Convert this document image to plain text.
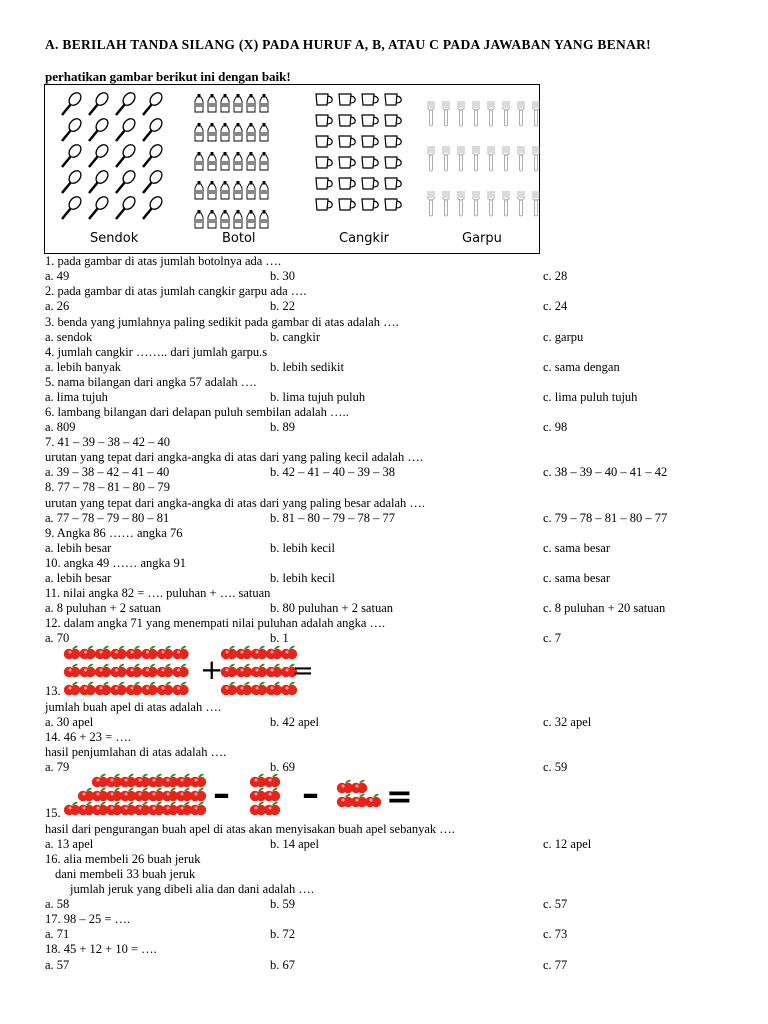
A. BERILAH TANDA SILANG (X) PADA HURUF A, B, ATAU C PADA JAWABAN YANG BENAR!
perhatikan gambar berikut ini dengan baik!
Sendok	Botol	Cangkir	Garpu
1. pada gambar di atas jumlah botolnya ada ….
a. 49	b. 30	c. 28
2. pada gambar di atas jumlah cangkir garpu ada ….
a. 26	b. 22	c. 24
3. benda yang jumlahnya paling sedikit pada gambar di atas adalah ….
a. sendok	b. cangkir	c. garpu
4. jumlah cangkir …….. dari jumlah garpu.s
a. lebih banyak	b. lebih sedikit	c. sama dengan
5. nama bilangan dari angka 57 adalah ….
a. lima tujuh	b. lima tujuh puluh	c. lima puluh tujuh
6. lambang bilangan dari delapan puluh sembilan adalah …..
a. 809	b. 89	c. 98
7. 41 – 39 – 38 – 42 – 40
urutan yang tepat dari angka-angka di atas dari yang paling kecil adalah ….
a. 39 – 38 – 42 – 41 – 40	b. 42 – 41 – 40 – 39 – 38	c. 38 – 39 – 40 – 41 – 42
8. 77 – 78 – 81 – 80 – 79
urutan yang tepat dari angka-angka di atas dari yang paling besar adalah ….
a. 77 – 78 – 79 – 80 – 81	b. 81 – 80 – 79 – 78 – 77	c. 79 – 78 – 81 – 80 – 77
9. Angka 86 …… angka 76
a. lebih besar	b. lebih kecil	c. sama besar
10. angka 49 …… angka 91
a. lebih besar	b. lebih kecil	c. sama besar
11. nilai angka 82 = …. puluhan + …. satuan
a. 8 puluhan + 2 satuan	b. 80 puluhan + 2 satuan	c. 8 puluhan + 20 satuan
12. dalam angka 71 yang menempati nilai puluhan adalah angka ….
a. 70	b. 1	c. 7
13.
jumlah buah apel di atas adalah ….
a. 30 apel	b. 42 apel	c. 32 apel
14. 46 + 23 = ….
hasil penjumlahan di atas adalah ….
a. 79	b. 69	c. 59
15.
hasil dari pengurangan buah apel di atas akan menyisakan buah apel sebanyak ….
a. 13 apel	b. 14 apel	c. 12 apel
16. alia membeli 26 buah jeruk
dani membeli 33 buah jeruk
jumlah jeruk yang dibeli alia dan dani adalah ….
a. 58	b. 59	c. 57
17. 98 – 25 = ….
a. 71	b. 72	c. 73
18. 45 + 12 + 10 = ….
a. 57	b. 67	c. 77
+	=
– – =
